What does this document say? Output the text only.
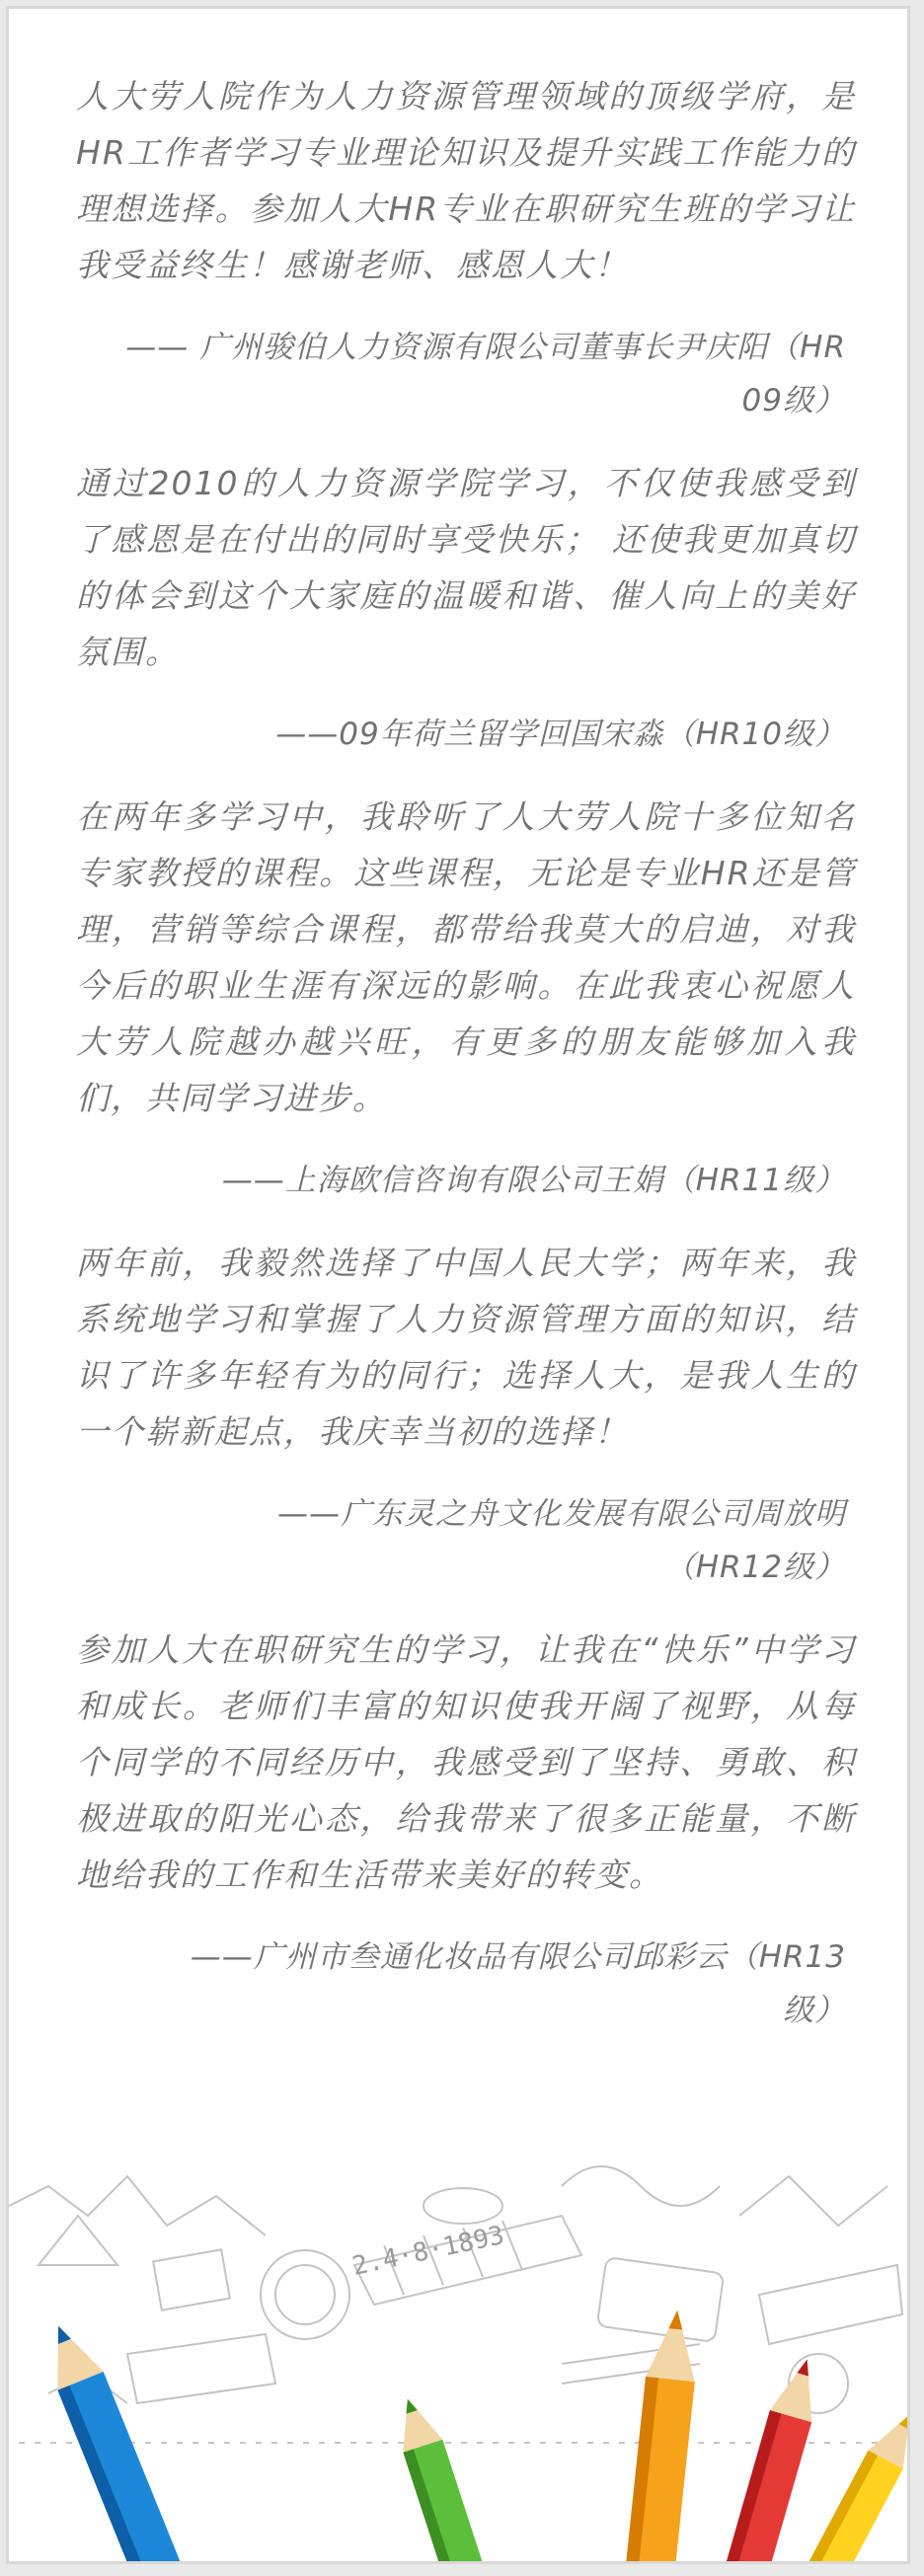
人大劳人院作为人力资源管理领域的顶级学府，是HR工作者学习专业理论知识及提升实践工作能力的理想选择。参加人大HR专业在职研究生班的学习让我受益终生！感谢老师、感恩人大！

—— 广州骏伯人力资源有限公司董事长尹庆阳（HR
09级）

通过2010的人力资源学院学习，不仅使我感受到了感恩是在付出的同时享受快乐； 还使我更加真切的体会到这个大家庭的温暖和谐、催人向上的美好氛围。

——09年荷兰留学回国宋淼（HR10级）

在两年多学习中，我聆听了人大劳人院十多位知名专家教授的课程。这些课程，无论是专业HR还是管理，营销等综合课程，都带给我莫大的启迪，对我今后的职业生涯有深远的影响。在此我衷心祝愿人大劳人院越办越兴旺，有更多的朋友能够加入我们，共同学习进步。

——上海欧信咨询有限公司王娟（HR11级）

两年前，我毅然选择了中国人民大学；两年来，我系统地学习和掌握了人力资源管理方面的知识，结识了许多年轻有为的同行；选择人大，是我人生的一个崭新起点，我庆幸当初的选择！

——广东灵之舟文化发展有限公司周放明
（HR12级）

参加人大在职研究生的学习，让我在“快乐”中学习和成长。老师们丰富的知识使我开阔了视野，从每个同学的不同经历中，我感受到了坚持、勇敢、积极进取的阳光心态，给我带来了很多正能量，不断地给我的工作和生活带来美好的转变。

——广州市叁通化妆品有限公司邱彩云（HR13
级）
2.4·8·1893
